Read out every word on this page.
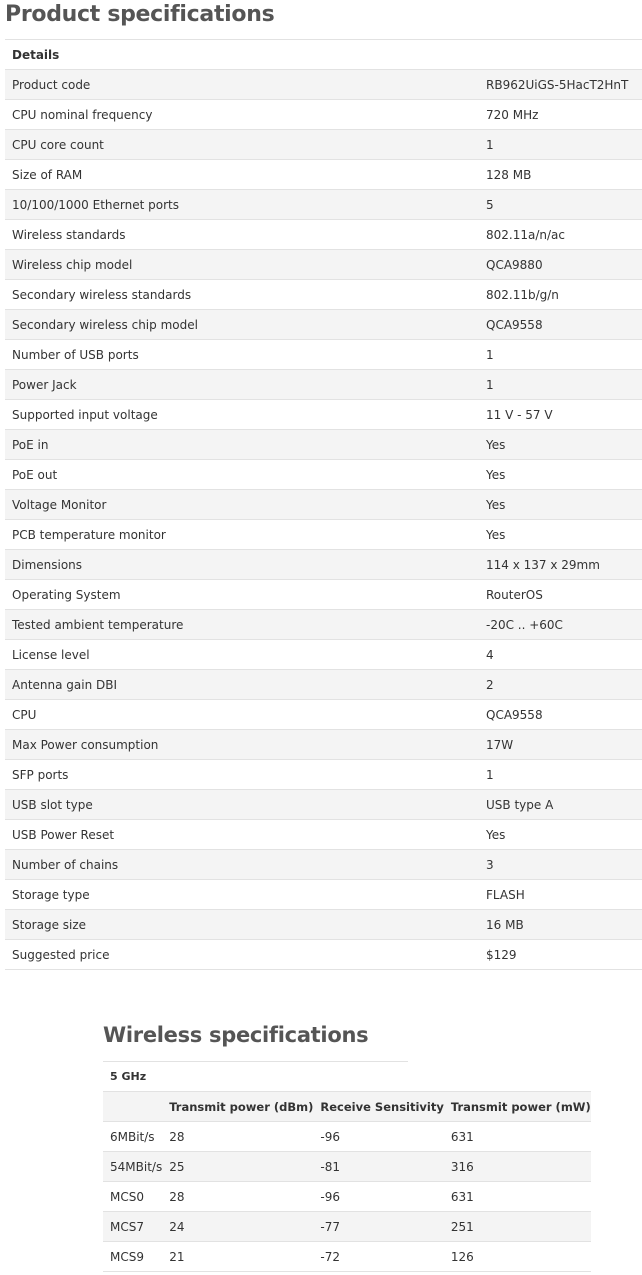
Product specifications
Details	
Product code	RB962UiGS-5HacT2HnT
CPU nominal frequency	720 MHz
CPU core count	1
Size of RAM	128 MB
10/100/1000 Ethernet ports	5
Wireless standards	802.11a/n/ac
Wireless chip model	QCA9880
Secondary wireless standards	802.11b/g/n
Secondary wireless chip model	QCA9558
Number of USB ports	1
Power Jack	1
Supported input voltage	11 V - 57 V
PoE in	Yes
PoE out	Yes
Voltage Monitor	Yes
PCB temperature monitor	Yes
Dimensions	114 x 137 x 29mm
Operating System	RouterOS
Tested ambient temperature	-20C .. +60C
License level	4
Antenna gain DBI	2
CPU	QCA9558
Max Power consumption	17W
SFP ports	1
USB slot type	USB type A
USB Power Reset	Yes
Number of chains	3
Storage type	FLASH
Storage size	16 MB
Suggested price	$129
Wireless specifications
5 GHz
	Transmit power (dBm)	Receive Sensitivity	Transmit power (mW)
6MBit/s	28	-96	631
54MBit/s	25	-81	316
MCS0	28	-96	631
MCS7	24	-77	251
MCS9	21	-72	126
